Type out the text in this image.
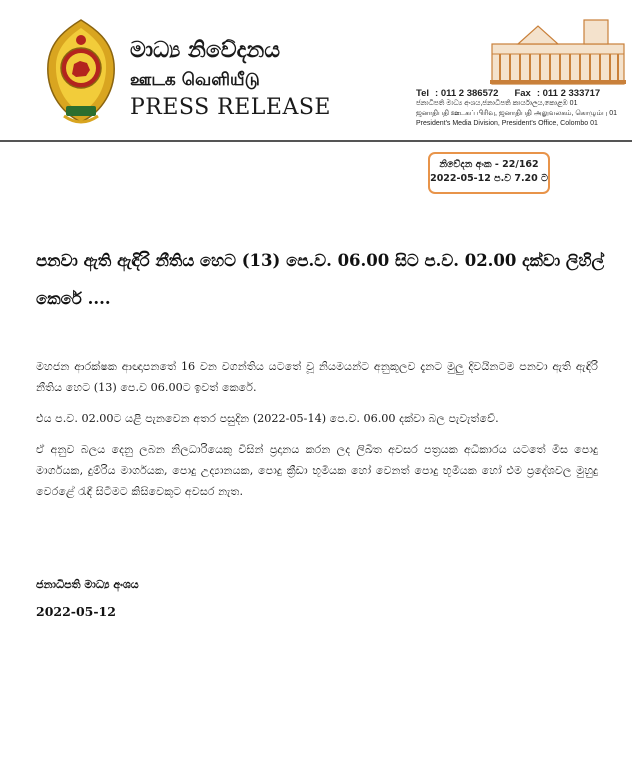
මාධ්‍ය නිවේදනය
ஊடக வெளியீடு
PRESS RELEASE
Tel : 011 2 386572 Fax : 011 2 333717
ජනාධිපති මාධ්‍ය අංශය,ජනාධිපති කාර්යාලය,කොළඹ 01
ஜனாதிபதி ஊடகப் பிரிவு, ஜனாதிபதி அலுவலகம், கொழும்பு 01
President's Media Division, President's Office, Colombo 01
නිවේදන අංක - 22/162
2022-05-12 ප.ව 7.20 ට
පනවා ඇති ඇඳිරි නීතිය හෙට (13) පෙ.ව. 06.00 සිට ප.ව. 02.00 දක්වා ලිහිල් කෙරේ ....

මහජන ආරක්ෂක ආඥාපනතේ 16 වන වගන්තිය යටතේ වූ නියමයන්ට අනුකූලව දැනට මුලු දිවයිනටම පනවා ඇති ඇඳිරි නීතිය හෙට (13) පෙ.ව 06.00ට ඉවත් කෙරේ.

එය ප.ව. 02.00ට යළි පැනවෙන අතර පසුදින (2022-05-14) පෙ.ව. 06.00 දක්වා බල පැවැත්වේ.

ඒ අනුව බලය දෙනු ලබන නිලධාරියෙකු විසින් ප්‍රදානය කරන ලද ලිඛිත අවසර පත්‍රයක අධිකාරය යටතේ මිස පොදු මාර්ගයක, දුම්රිය මාර්ගයක, පොදු උද්‍යානයක, පොදු ක්‍රීඩා භූමියක හෝ වෙනත් පොදු භූමියක හෝ එම ප්‍රදේශවල මුහුදු වෙරළේ රැඳී සිටීමට කිසිවෙකුට අවසර නැත.

ජනාධිපති මාධ්‍ය අංශය
2022-05-12
